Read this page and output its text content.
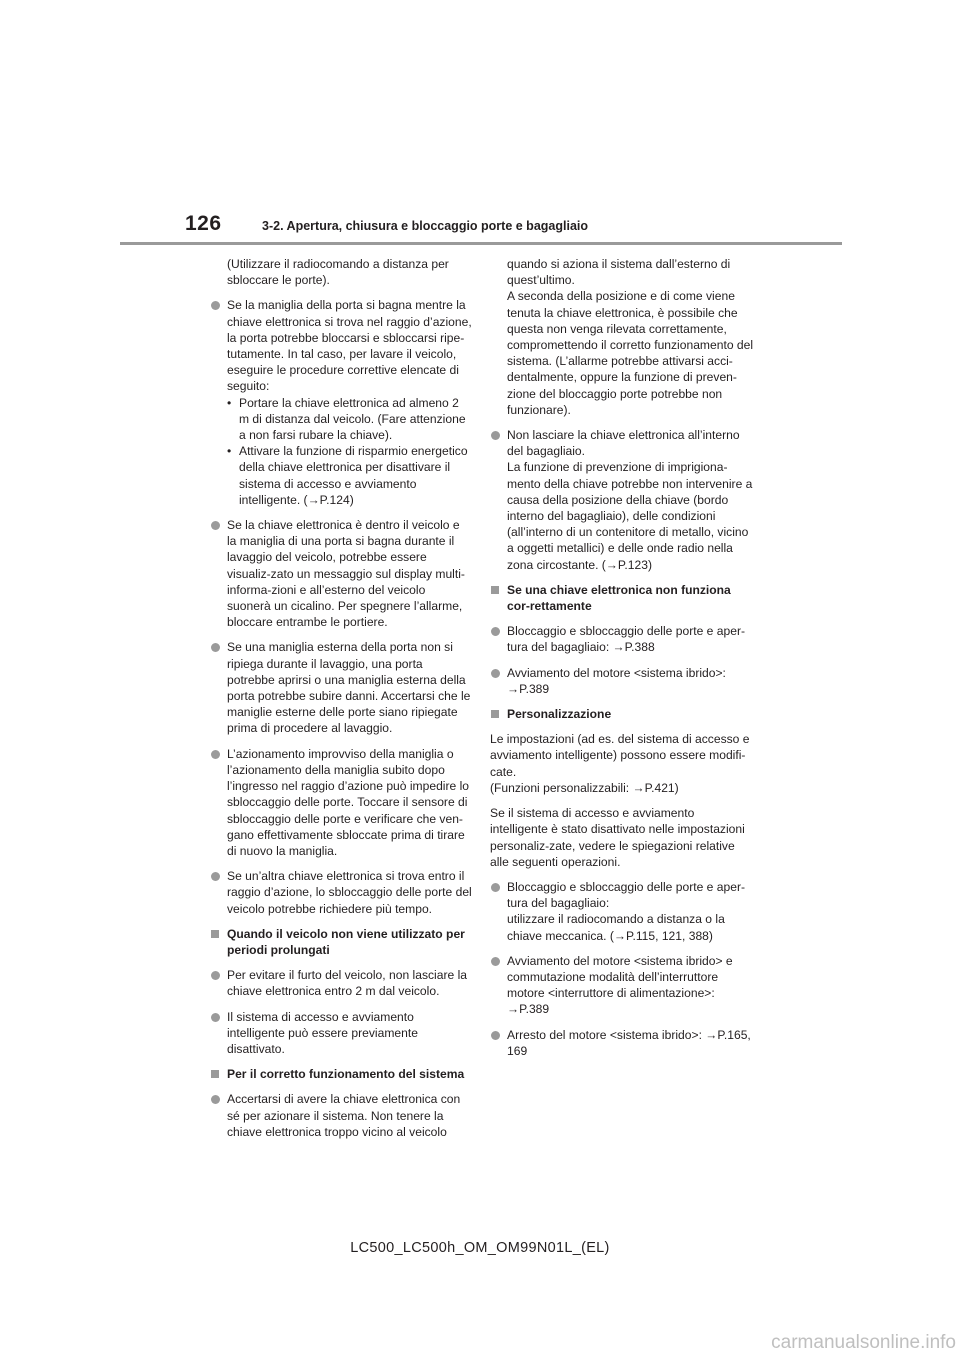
126	3-2. Apertura, chiusura e bloccaggio porte e bagagliaio

(Utilizzare il radiocomando a distanza per sbloccare le porte).

Se la maniglia della porta si bagna mentre la chiave elettronica si trova nel raggio d’azione, la porta potrebbe bloccarsi e sbloccarsi ripe-tutamente. In tal caso, per lavare il veicolo, eseguire le procedure correttive elencate di seguito:
• Portare la chiave elettronica ad almeno 2 m di distanza dal veicolo. (Fare attenzione a non farsi rubare la chiave).
• Attivare la funzione di risparmio energetico della chiave elettronica per disattivare il sistema di accesso e avviamento intelligente. (→P.124)
Se la chiave elettronica è dentro il veicolo e la maniglia di una porta si bagna durante il lavaggio del veicolo, potrebbe essere visualiz-zato un messaggio sul display multi-informa-zioni e all’esterno del veicolo suonerà un cicalino. Per spegnere l’allarme, bloccare entrambe le portiere.
Se una maniglia esterna della porta non si ripiega durante il lavaggio, una porta potrebbe aprirsi o una maniglia esterna della porta potrebbe subire danni. Accertarsi che le maniglie esterne delle porte siano ripiegate prima di procedere al lavaggio.
L’azionamento improvviso della maniglia o l’azionamento della maniglia subito dopo l’ingresso nel raggio d’azione può impedire lo sbloccaggio delle porte. Toccare il sensore di sbloccaggio delle porte e verificare che ven-gano effettivamente sbloccate prima di tirare di nuovo la maniglia.
Se un’altra chiave elettronica si trova entro il raggio d’azione, lo sbloccaggio delle porte del veicolo potrebbe richiedere più tempo.
Quando il veicolo non viene utilizzato per periodi prolungati
Per evitare il furto del veicolo, non lasciare la chiave elettronica entro 2 m dal veicolo.
Il sistema di accesso e avviamento intelligente può essere previamente disattivato.
Per il corretto funzionamento del sistema
Accertarsi di avere la chiave elettronica con sé per azionare il sistema. Non tenere la chiave elettronica troppo vicino al veicolo
quando si aziona il sistema dall’esterno di quest’ultimo.
A seconda della posizione e di come viene tenuta la chiave elettronica, è possibile che questa non venga rilevata correttamente, compromettendo il corretto funzionamento del sistema. (L’allarme potrebbe attivarsi acci-dentalmente, oppure la funzione di preven-zione del bloccaggio porte potrebbe non funzionare).
Non lasciare la chiave elettronica all’interno del bagagliaio.
La funzione di prevenzione di imprigiona-mento della chiave potrebbe non intervenire a causa della posizione della chiave (bordo interno del bagagliaio), delle condizioni (all’interno di un contenitore di metallo, vicino a oggetti metallici) e delle onde radio nella zona circostante. (→P.123)
Se una chiave elettronica non funziona cor-rettamente
Bloccaggio e sbloccaggio delle porte e aper-tura del bagagliaio: →P.388
Avviamento del motore <sistema ibrido>: →P.389
Personalizzazione

Le impostazioni (ad es. del sistema di accesso e avviamento intelligente) possono essere modifi-cate.
(Funzioni personalizzabili: →P.421)

Se il sistema di accesso e avviamento intelligente è stato disattivato nelle impostazioni personaliz-zate, vedere le spiegazioni relative alle seguenti operazioni.

Bloccaggio e sbloccaggio delle porte e aper-tura del bagagliaio:
utilizzare il radiocomando a distanza o la chiave meccanica. (→P.115, 121, 388)
Avviamento del motore <sistema ibrido> e commutazione modalità dell’interruttore motore <interruttore di alimentazione>: →P.389
Arresto del motore <sistema ibrido>: →P.165, 169
LC500_LC500h_OM_OM99N01L_(EL)
carmanualsonline.info
